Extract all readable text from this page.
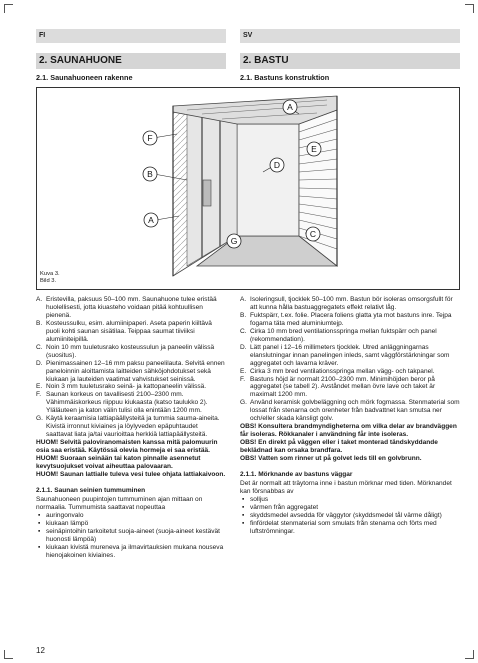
FI	SV
2. SAUNAHUONE	2. BASTU
2.1. Saunahuoneen rakenne	2.1. Bastuns konstruktion
A
E
F
B
A
D
C
G
Kuva 3.
Bild 3.
A. Eristevilla, paksuus 50–100 mm. Saunahuone tulee eristää huolellisesti, jotta kiuasteho voidaan pitää kohtuullisen pienenä.
B. Kosteussulku, esim. alumiinipaperi. Aseta paperin kiiltävä puoli kohti saunan sisätilaa. Teippaa saumat tiiviiksi alumiiniteipillä.
C. Noin 10 mm tuuletusrako kosteussulun ja paneelin välissä (suositus).
D. Pienimassainen 12–16 mm paksu paneelilauta. Selvitä ennen paneloinnin aloittamista laitteiden sähköjohdotukset sekä kiukaan ja lauteiden vaatimat vahvistukset seinissä.
E. Noin 3 mm tuuletusrako seinä- ja kattopaneelin välissä.
F. Saunan korkeus on tavallisesti 2100–2300 mm. Vähimmäiskorkeus riippuu kiukaasta (katso taulukko 2). Yläläuteen ja katon välin tulisi olla enintään 1200 mm.
G. Käytä keraamisia lattiapäällysteitä ja tummia sauma-aineita. Kivistä irronnut kiviaines ja löylyveden epäpuhtaudet saattavat liata ja/tai vaurioittaa herkkiä lattiapäällysteitä.
HUOM! Selvitä paloviranomaisten kanssa mitä palomuurin osia saa eristää. Käytössä olevia hormeja ei saa eristää.
HUOM! Suoraan seinään tai katon pinnalle asennetut kevytsuojukset voivat aiheuttaa palovaaran.
HUOM! Saunan lattialle tuleva vesi tulee ohjata lattiakaivoon.
2.1.1. Saunan seinien tummuminen
Saunahuoneen puupintojen tummuminen ajan mittaan on normaalia. Tummumista saattavat nopeuttaa
▪ auringonvalo
▪ kiukaan lämpö
▪ seinäpintoihin tarkoitetut suoja-aineet (suoja-aineet kestävät huonosti lämpöä)
▪ kiukaan kivistä mureneva ja ilmavirtauksien mukana nouseva hienojakoinen kiviaines.
A. Isoleringsull, tjocklek 50–100 mm. Bastun bör isoleras omsorgsfullt för att kunna hålla bastuaggregatets effekt relativt låg.
B. Fuktspärr, t.ex. folie. Placera foliens glatta yta mot bastuns inre. Tejpa fogarna täta med aluminiumtejp.
C. Cirka 10 mm bred ventilationsspringa mellan fuktspärr och panel (rekommendation).
D. Lätt panel i 12–16 millimeters tjocklek. Utred anläggningarnas elanslutningar innan panelingen inleds, samt väggförstärkningar som aggregatet och lavarna kräver.
E. Cirka 3 mm bred ventilationsspringa mellan vägg- och takpanel.
F. Bastuns höjd är normalt 2100–2300 mm. Minimihöjden beror på aggregatet (se tabell 2). Avståndet mellan övre lave och taket är maximalt 1200 mm.
G. Använd keramisk golvbeläggning och mörk fogmassa. Stenmaterial som lossat från stenarna och orenheter från badvattnet kan smutsa ner och/eller skada känsligt golv.
OBS! Konsultera brandmyndigheterna om vilka delar av brandväggen får isoleras. Rökkanaler i användning får inte isoleras.
OBS! En direkt på väggen eller i taket monterad tändskyddande beklädnad kan orsaka brandfara.
OBS! Vatten som rinner ut på golvet leds till en golvbrunn.
2.1.1. Mörknande av bastuns väggar
Det är normalt att träytorna inne i bastun mörknar med tiden. Mörknandet kan försnabbas av
▪ solljus
▪ värmen från aggregatet
▪ skyddsmedel avsedda för väggytor (skyddsmedel tål värme dåligt)
▪ finfördelat stenmaterial som smulats från stenarna och förts med luftströmningar.
12
